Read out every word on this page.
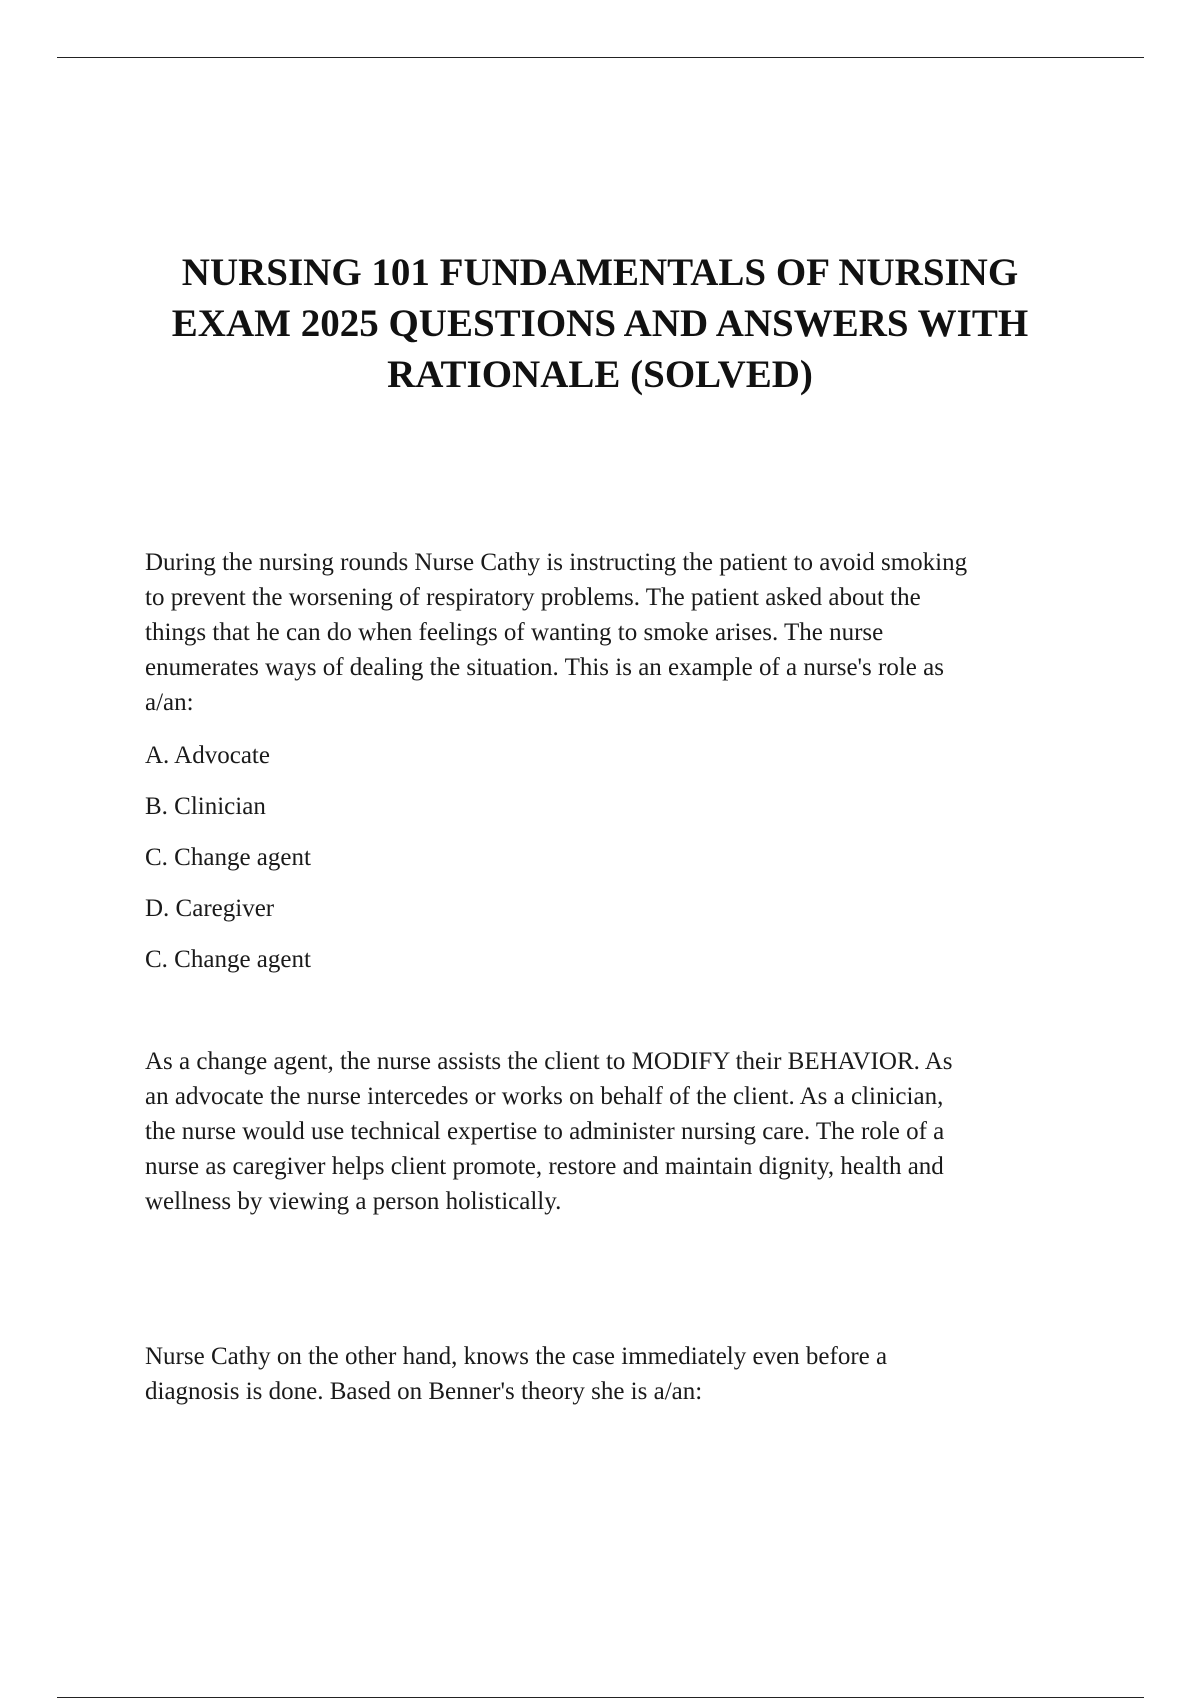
NURSING 101 FUNDAMENTALS OF NURSING
EXAM 2025 QUESTIONS AND ANSWERS WITH
RATIONALE (SOLVED)

During the nursing rounds Nurse Cathy is instructing the patient to avoid smoking
to prevent the worsening of respiratory problems. The patient asked about the
things that he can do when feelings of wanting to smoke arises. The nurse
enumerates ways of dealing the situation. This is an example of a nurse's role as
a/an:

A. Advocate
B. Clinician
C. Change agent
D. Caregiver
C. Change agent

As a change agent, the nurse assists the client to MODIFY their BEHAVIOR. As
an advocate the nurse intercedes or works on behalf of the client. As a clinician,
the nurse would use technical expertise to administer nursing care. The role of a
nurse as caregiver helps client promote, restore and maintain dignity, health and
wellness by viewing a person holistically.

Nurse Cathy on the other hand, knows the case immediately even before a
diagnosis is done. Based on Benner's theory she is a/an:
